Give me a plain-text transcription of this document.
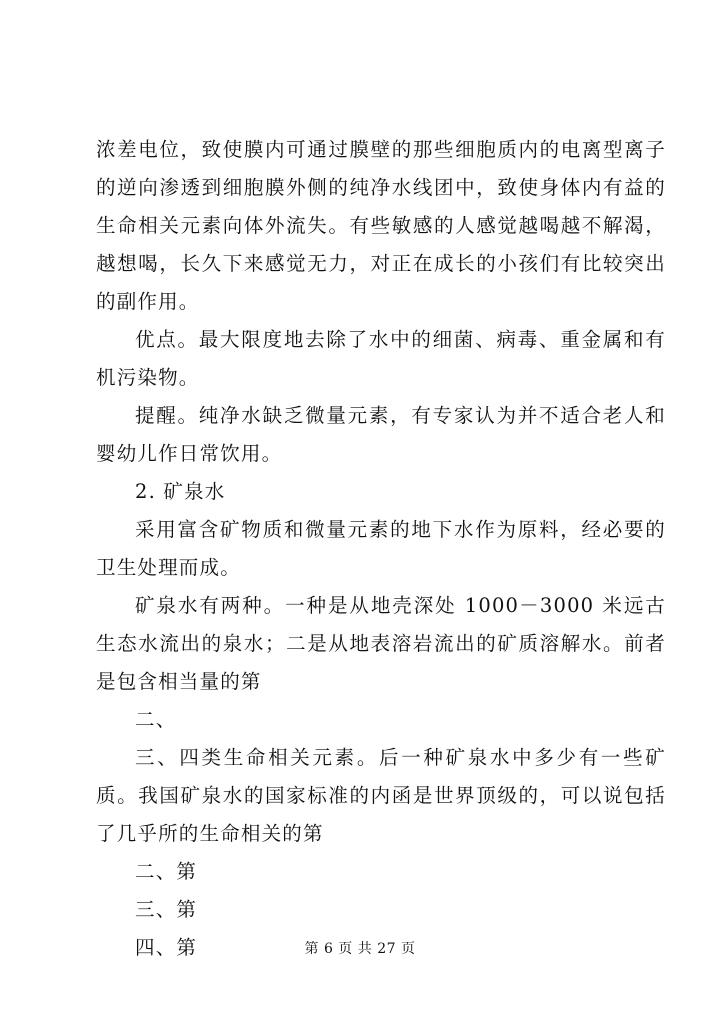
浓差电位，致使膜内可通过膜壁的那些细胞质内的电离型离子的逆向渗透到细胞膜外侧的纯净水线团中，致使身体内有益的生命相关元素向体外流失。有些敏感的人感觉越喝越不解渴，越想喝，长久下来感觉无力，对正在成长的小孩们有比较突出的副作用。

优点。最大限度地去除了水中的细菌、病毒、重金属和有机污染物。

提醒。纯净水缺乏微量元素，有专家认为并不适合老人和婴幼儿作日常饮用。

2. 矿泉水

采用富含矿物质和微量元素的地下水作为原料，经必要的卫生处理而成。

矿泉水有两种。一种是从地壳深处 1000－3000 米远古生态水流出的泉水；二是从地表溶岩流出的矿质溶解水。前者是包含相当量的第

二、

三、四类生命相关元素。后一种矿泉水中多少有一些矿质。我国矿泉水的国家标准的内函是世界顶级的，可以说包括了几乎所的生命相关的第

二、第

三、第

四、第	第 6 页 共 27 页
